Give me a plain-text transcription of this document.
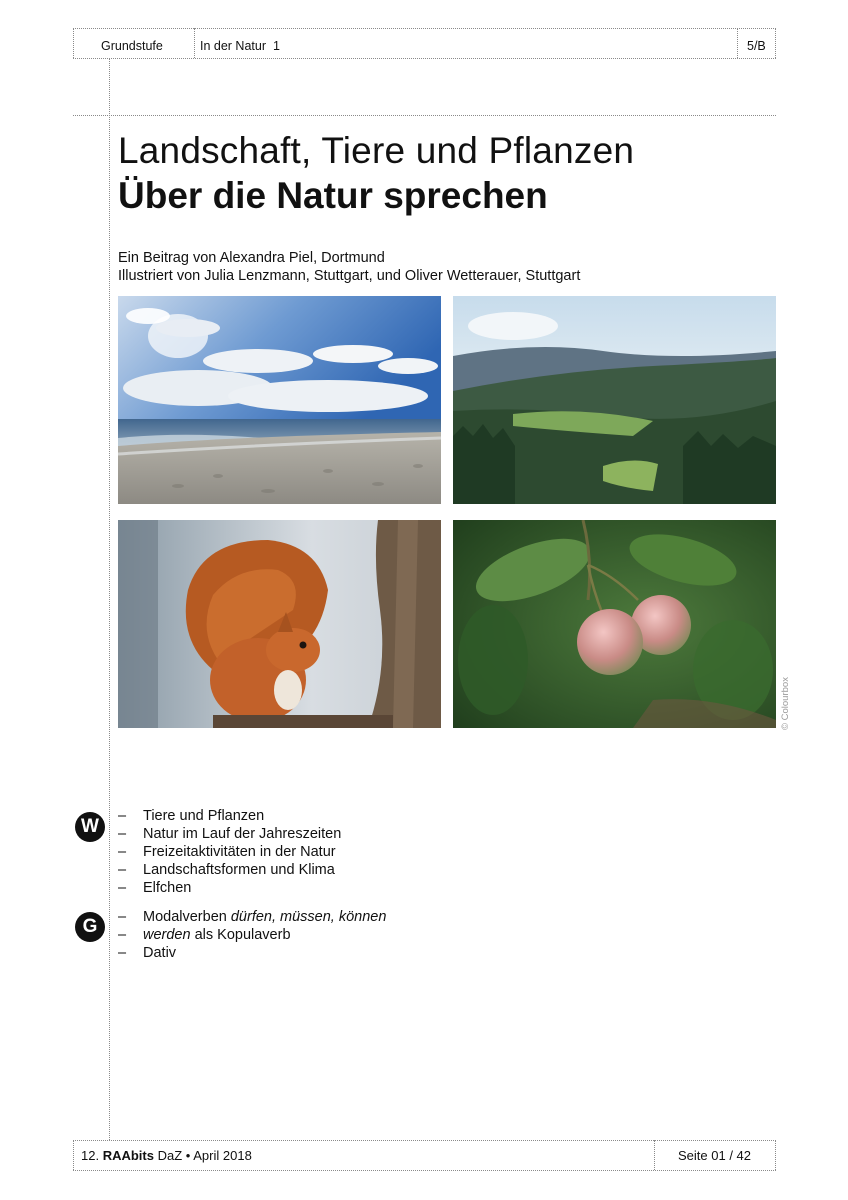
Grundstufe	In der Natur 1	5/B
Landschaft, Tiere und Pflanzen
Über die Natur sprechen
Ein Beitrag von Alexandra Piel, Dortmund
Illustriert von Julia Lenzmann, Stuttgart, und Oliver Wetterauer, Stuttgart
© Colourbox
W	– Tiere und Pflanzen
– Natur im Lauf der Jahreszeiten
– Freizeitaktivitäten in der Natur
– Landschaftsformen und Klima
– Elfchen
G	– Modalverben dürfen, müssen, können
– werden als Kopulaverb
– Dativ
12. RAAbits DaZ • April 2018	Seite 01 / 42
